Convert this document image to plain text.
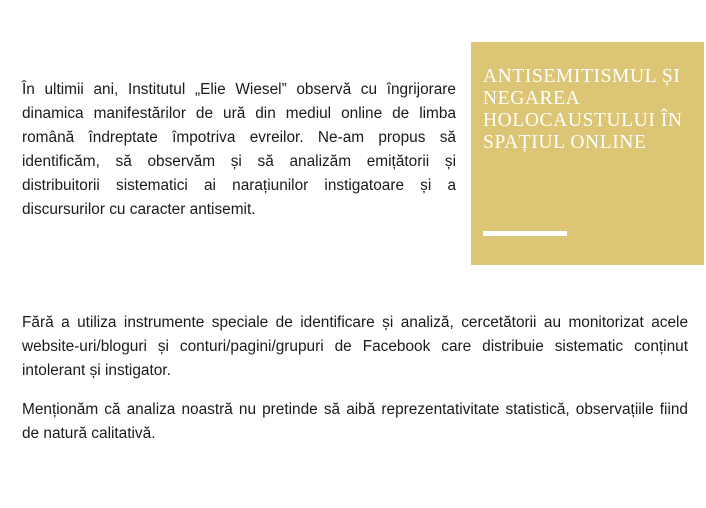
În ultimii ani, Institutul „Elie Wiesel” observă cu îngrijorare dinamica manifestărilor de ură din mediul online de limba română îndreptate împotriva evreilor. Ne-am propus să identificăm, să observăm și să analizăm emițătorii și distribuitorii sistematici ai narațiunilor instigatoare și a discursurilor cu caracter antisemit.

ANTISEMITISMUL ȘI NEGAREA HOLOCAUSTULUI ÎN SPAȚIUL ONLINE

Fără a utiliza instrumente speciale de identificare și analiză, cercetătorii au monitorizat acele website-uri/bloguri și conturi/pagini/grupuri de Facebook care distribuie sistematic conținut intolerant și instigator.

Menționăm că analiza noastră nu pretinde să aibă reprezentativitate statistică, observațiile fiind de natură calitativă.
